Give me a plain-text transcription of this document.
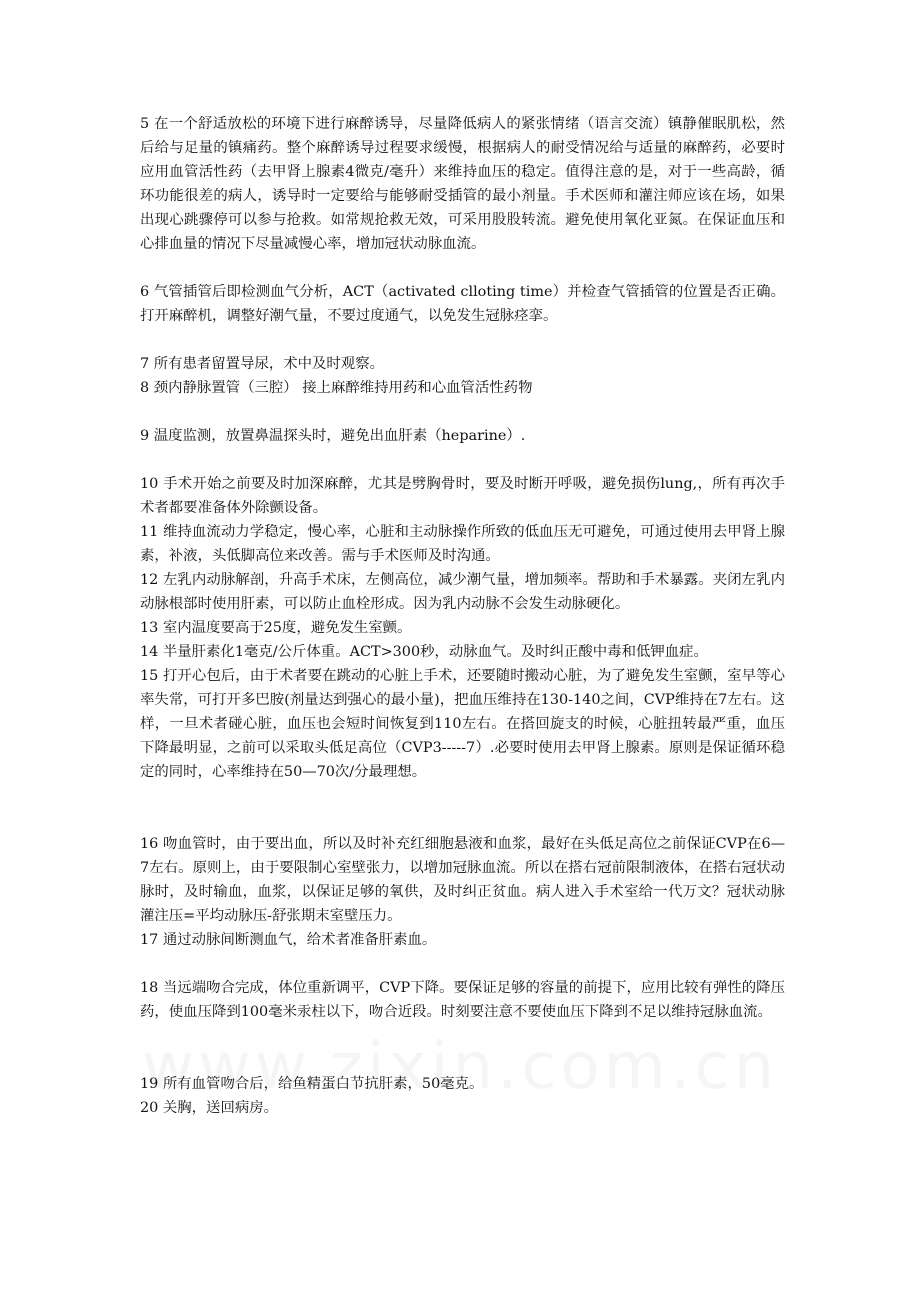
5 在一个舒适放松的环境下进行麻醉诱导，尽量降低病人的紧张情绪（语言交流）镇静催眠肌松，然后给与足量的镇痛药。整个麻醉诱导过程要求缓慢，根据病人的耐受情况给与适量的麻醉药，必要时应用血管活性药（去甲肾上腺素4微克/毫升）来维持血压的稳定。值得注意的是，对于一些高龄，循环功能很差的病人，诱导时一定要给与能够耐受插管的最小剂量。手术医师和灌注师应该在场，如果出现心跳骤停可以参与抢救。如常规抢救无效，可采用股股转流。避免使用氧化亚氮。在保证血压和心排血量的情况下尽量减慢心率，增加冠状动脉血流。

6 气管插管后即检测血气分析，ACT（activated clloting time）并检查气管插管的位置是否正确。打开麻醉机，调整好潮气量，不要过度通气，以免发生冠脉痉挛。

7 所有患者留置导尿，术中及时观察。

8 颈内静脉置管（三腔） 接上麻醉维持用药和心血管活性药物

9 温度监测，放置鼻温探头时，避免出血肝素（heparine）.

10 手术开始之前要及时加深麻醉，尤其是劈胸骨时，要及时断开呼吸，避免损伤lung,，所有再次手术者都要准备体外除颤设备。

11 维持血流动力学稳定，慢心率，心脏和主动脉操作所致的低血压无可避免，可通过使用去甲肾上腺素，补液，头低脚高位来改善。需与手术医师及时沟通。

12 左乳内动脉解剖，升高手术床，左侧高位，减少潮气量，增加频率。帮助和手术暴露。夹闭左乳内动脉根部时使用肝素，可以防止血栓形成。因为乳内动脉不会发生动脉硬化。

13 室内温度要高于25度，避免发生室颤。

14 半量肝素化1毫克/公斤体重。ACT>300秒，动脉血气。及时纠正酸中毒和低钾血症。

15 打开心包后，由于术者要在跳动的心脏上手术，还要随时搬动心脏，为了避免发生室颤，室早等心率失常，可打开多巴胺(剂量达到强心的最小量)，把血压维持在130-140之间，CVP维持在7左右。这样，一旦术者碰心脏，血压也会短时间恢复到110左右。在搭回旋支的时候，心脏扭转最严重，血压下降最明显，之前可以采取头低足高位（CVP3-----7）.必要时使用去甲肾上腺素。原则是保证循环稳定的同时，心率维持在50—70次/分最理想。

16 吻血管时，由于要出血，所以及时补充红细胞悬液和血浆，最好在头低足高位之前保证CVP在6—7左右。原则上，由于要限制心室壁张力，以增加冠脉血流。所以在搭右冠前限制液体，在搭右冠状动脉时，及时输血，血浆，以保证足够的氧供，及时纠正贫血。病人进入手术室给一代万文？冠状动脉灌注压=平均动脉压-舒张期末室壁压力。

17 通过动脉间断测血气，给术者准备肝素血。

18 当远端吻合完成，体位重新调平，CVP下降。要保证足够的容量的前提下，应用比较有弹性的降压药，使血压降到100毫米汞柱以下，吻合近段。时刻要注意不要使血压下降到不足以维持冠脉血流。

19 所有血管吻合后，给鱼精蛋白节抗肝素，50毫克。

20 关胸，送回病房。
